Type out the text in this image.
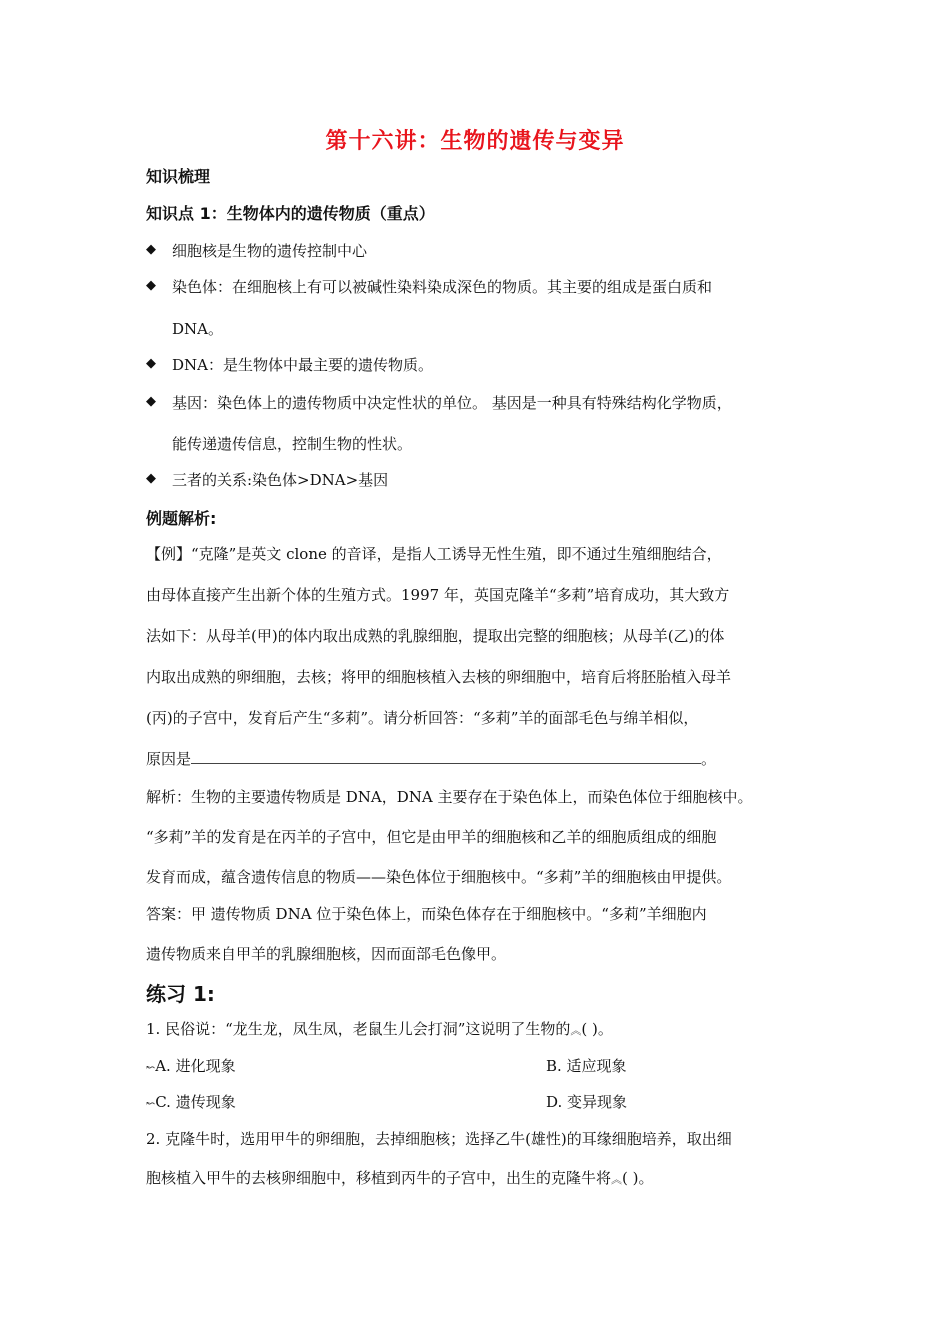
第十六讲：生物的遗传与变异
知识梳理
知识点 1：生物体内的遗传物质（重点）
◆ 细胞核是生物的遗传控制中心
◆ 染色体：在细胞核上有可以被碱性染料染成深色的物质。其主要的组成是蛋白质和
DNA。
◆ DNA：是生物体中最主要的遗传物质。
◆ 基因：染色体上的遗传物质中决定性状的单位。 基因是一种具有特殊结构化学物质，
能传递遗传信息，控制生物的性状。
◆ 三者的关系:染色体>DNA>基因
例题解析:
【例】“克隆”是英文 clone 的音译，是指人工诱导无性生殖，即不通过生殖细胞结合，
由母体直接产生出新个体的生殖方式。1997 年，英国克隆羊“多莉”培育成功，其大致方
法如下：从母羊(甲)的体内取出成熟的乳腺细胞，提取出完整的细胞核；从母羊(乙)的体
内取出成熟的卵细胞，去核；将甲的细胞核植入去核的卵细胞中，培育后将胚胎植入母羊
(丙)的子宫中，发育后产生“多莉”。请分析回答：“多莉”羊的面部毛色与绵羊相似，
原因是	。
解析：生物的主要遗传物质是 DNA，DNA 主要存在于染色体上，而染色体位于细胞核中。
“多莉”羊的发育是在丙羊的子宫中，但它是由甲羊的细胞核和乙羊的细胞质组成的细胞
发育而成，蕴含遗传信息的物质——染色体位于细胞核中。“多莉”羊的细胞核由甲提供。
答案：甲 遗传物质 DNA 位于染色体上，而染色体存在于细胞核中。“多莉”羊细胞内
遗传物质来自甲羊的乳腺细胞核，因而面部毛色像甲。
练习 1:
1. 民俗说：“龙生龙，凤生凤，老鼠生儿会打洞”这说明了生物的︽( )。
↜A. 进化现象	B. 适应现象
↜C. 遗传现象	D. 变异现象
2. 克隆牛时，选用甲牛的卵细胞，去掉细胞核；选择乙牛(雄性)的耳缘细胞培养，取出细
胞核植入甲牛的去核卵细胞中，移植到丙牛的子宫中，出生的克隆牛将︽( )。
